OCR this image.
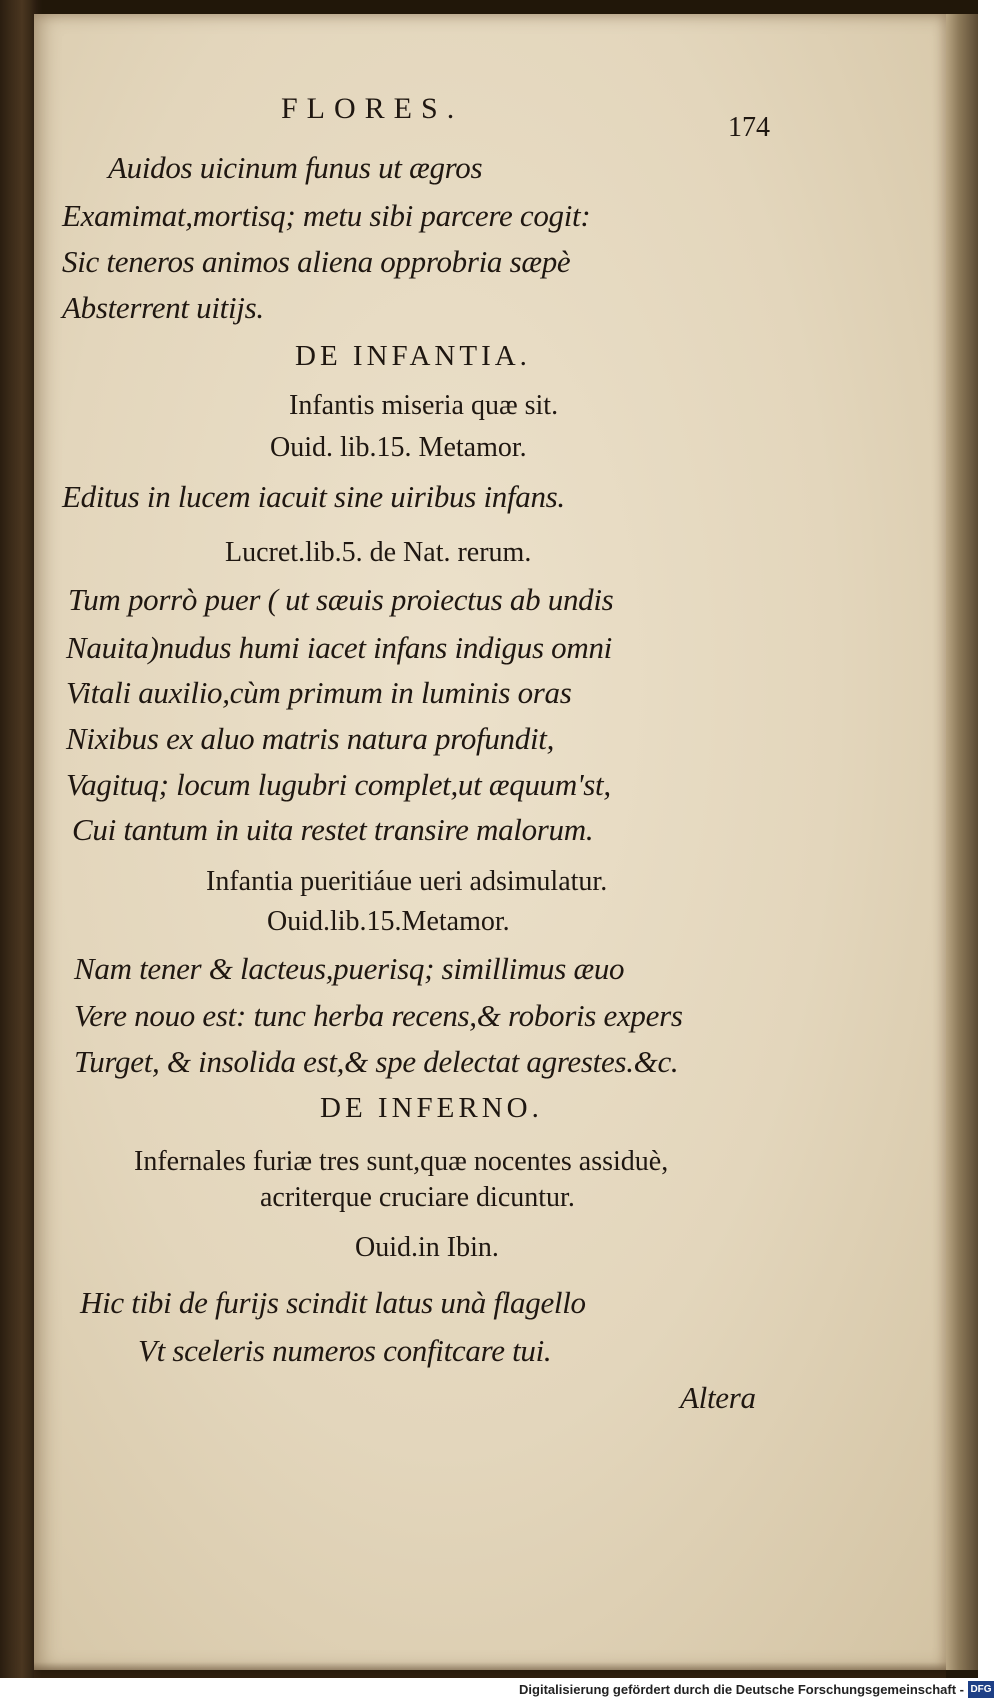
FLORES.
174
Auidos uicinum funus ut ægros
Examimat,mortisq; metu sibi parcere cogit:
Sic teneros animos aliena opprobria sæpè
Absterrent uitijs.
DE INFANTIA.
Infantis miseria quæ sit.
Ouid. lib.15. Metamor.
Editus in lucem iacuit sine uiribus infans.
Lucret.lib.5. de Nat. rerum.
Tum porrò puer ( ut sæuis proiectus ab undis
Nauita)nudus humi iacet infans indigus omni
Vitali auxilio,cùm primum in luminis oras
Nixibus ex aluo matris natura profundit,
Vagituq; locum lugubri complet,ut æquum'st,
Cui tantum in uita restet transire malorum.
Infantia pueritiáue ueri adsimulatur.
Ouid.lib.15.Metamor.
Nam tener & lacteus,puerisq; simillimus æuo
Vere nouo est: tunc herba recens,& roboris expers
Turget, & insolida est,& spe delectat agrestes.&c.
DE INFERNO.
Infernales furiæ tres sunt,quæ nocentes assiduè,
acriterque cruciare dicuntur.
Ouid.in Ibin.
Hic tibi de furijs scindit latus unà flagello
Vt sceleris numeros confitcare tui.
Altera
Digitalisierung gefördert durch die Deutsche Forschungsgemeinschaft - DFG
